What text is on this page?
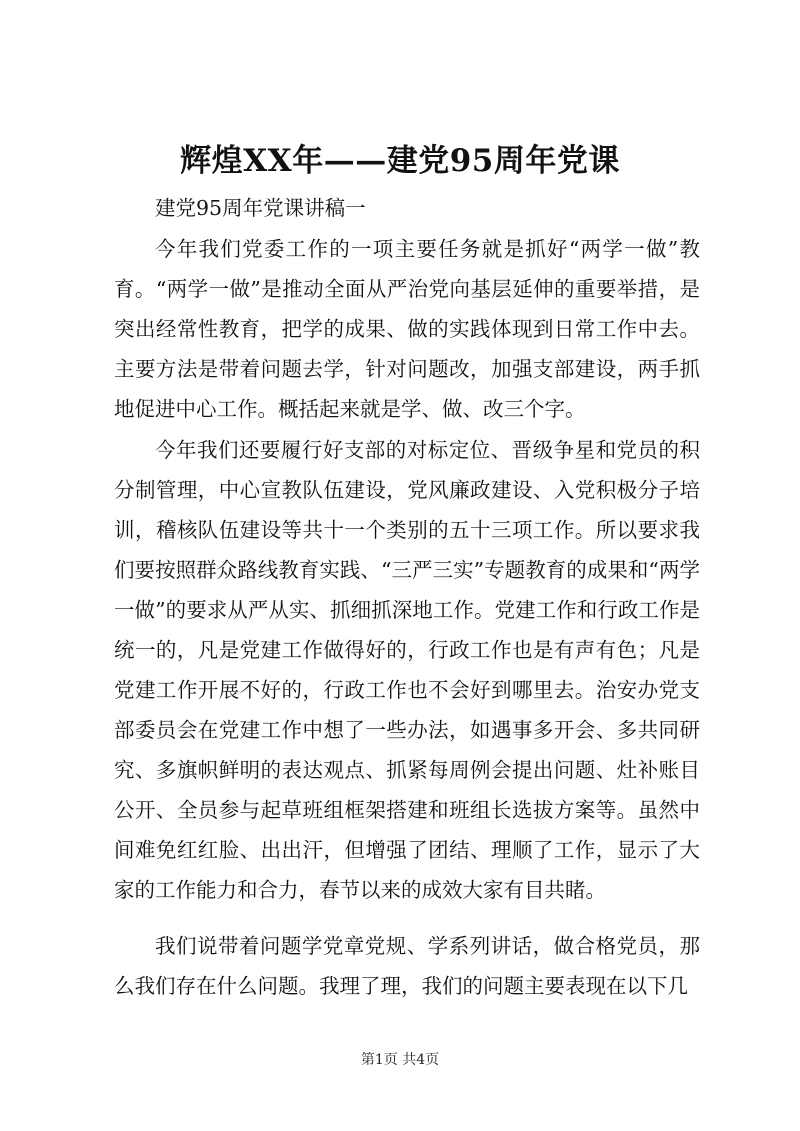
辉煌XX年——建党95周年党课

建党95周年党课讲稿一

今年我们党委工作的一项主要任务就是抓好“两学一做”教育。“两学一做”是推动全面从严治党向基层延伸的重要举措，是突出经常性教育，把学的成果、做的实践体现到日常工作中去。主要方法是带着问题去学，针对问题改，加强支部建设，两手抓地促进中心工作。概括起来就是学、做、改三个字。

今年我们还要履行好支部的对标定位、晋级争星和党员的积分制管理，中心宣教队伍建设，党风廉政建设、入党积极分子培训，稽核队伍建设等共十一个类别的五十三项工作。所以要求我们要按照群众路线教育实践、“三严三实”专题教育的成果和“两学一做”的要求从严从实、抓细抓深地工作。党建工作和行政工作是统一的，凡是党建工作做得好的，行政工作也是有声有色；凡是党建工作开展不好的，行政工作也不会好到哪里去。治安办党支部委员会在党建工作中想了一些办法，如遇事多开会、多共同研究、多旗帜鲜明的表达观点、抓紧每周例会提出问题、灶补账目公开、全员参与起草班组框架搭建和班组长选拔方案等。虽然中间难免红红脸、出出汗，但增强了团结、理顺了工作，显示了大家的工作能力和合力，春节以来的成效大家有目共睹。

我们说带着问题学党章党规、学系列讲话，做合格党员，那么我们存在什么问题。我理了理，我们的问题主要表现在以下几

第1页 共4页
